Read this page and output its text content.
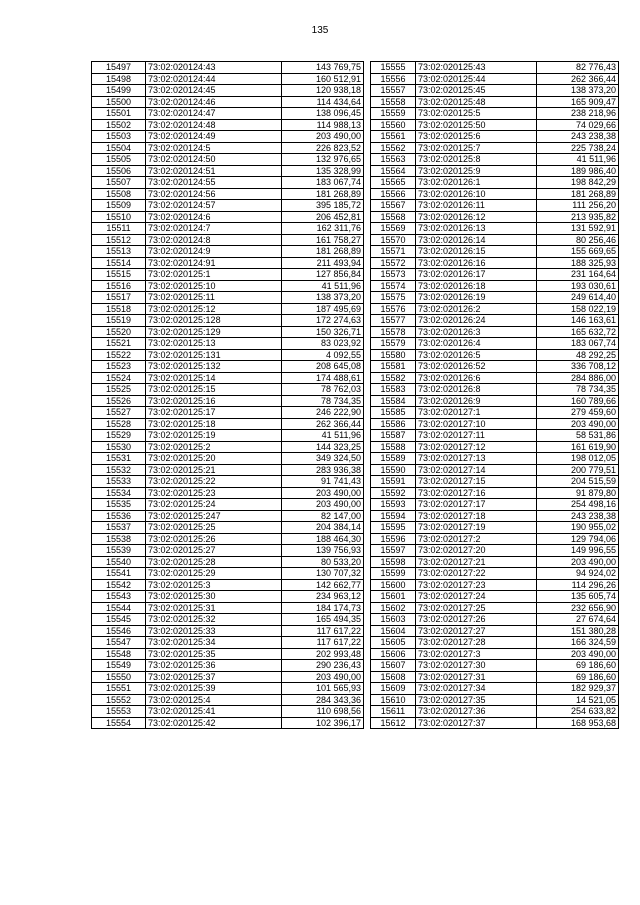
135
15497	73:02:020124:43	143 769,75
15498	73:02:020124:44	160 512,91
15499	73:02:020124:45	120 938,18
15500	73:02:020124:46	114 434,64
15501	73:02:020124:47	138 096,45
15502	73:02:020124:48	114 988,13
15503	73:02:020124:49	203 490,00
15504	73:02:020124:5	226 823,52
15505	73:02:020124:50	132 976,65
15506	73:02:020124:51	135 328,99
15507	73:02:020124:55	183 067,74
15508	73:02:020124:56	181 268,89
15509	73:02:020124:57	395 185,72
15510	73:02:020124:6	206 452,81
15511	73:02:020124:7	162 311,76
15512	73:02:020124:8	161 758,27
15513	73:02:020124:9	181 268,89
15514	73:02:020124:91	211 493,94
15515	73:02:020125:1	127 856,84
15516	73:02:020125:10	41 511,96
15517	73:02:020125:11	138 373,20
15518	73:02:020125:12	187 495,69
15519	73:02:020125:128	172 274,63
15520	73:02:020125:129	150 326,71
15521	73:02:020125:13	83 023,92
15522	73:02:020125:131	4 092,55
15523	73:02:020125:132	208 645,08
15524	73:02:020125:14	174 488,61
15525	73:02:020125:15	78 762,03
15526	73:02:020125:16	78 734,35
15527	73:02:020125:17	246 222,90
15528	73:02:020125:18	262 366,44
15529	73:02:020125:19	41 511,96
15530	73:02:020125:2	144 323,25
15531	73:02:020125:20	349 324,50
15532	73:02:020125:21	283 936,38
15533	73:02:020125:22	91 741,43
15534	73:02:020125:23	203 490,00
15535	73:02:020125:24	203 490,00
15536	73:02:020125:247	82 147,00
15537	73:02:020125:25	204 384,14
15538	73:02:020125:26	188 464,30
15539	73:02:020125:27	139 756,93
15540	73:02:020125:28	80 533,20
15541	73:02:020125:29	130 707,32
15542	73:02:020125:3	142 662,77
15543	73:02:020125:30	234 963,12
15544	73:02:020125:31	184 174,73
15545	73:02:020125:32	165 494,35
15546	73:02:020125:33	117 617,22
15547	73:02:020125:34	117 617,22
15548	73:02:020125:35	202 993,48
15549	73:02:020125:36	290 236,43
15550	73:02:020125:37	203 490,00
15551	73:02:020125:39	101 565,93
15552	73:02:020125:4	284 343,36
15553	73:02:020125:41	110 698,56
15554	73:02:020125:42	102 396,17
15555	73:02:020125:43	82 776,43
15556	73:02:020125:44	262 366,44
15557	73:02:020125:45	138 373,20
15558	73:02:020125:48	165 909,47
15559	73:02:020125:5	238 218,96
15560	73:02:020125:50	74 029,66
15561	73:02:020125:6	243 238,38
15562	73:02:020125:7	225 738,24
15563	73:02:020125:8	41 511,96
15564	73:02:020125:9	189 986,40
15565	73:02:020126:1	198 842,29
15566	73:02:020126:10	181 268,89
15567	73:02:020126:11	111 256,20
15568	73:02:020126:12	213 935,82
15569	73:02:020126:13	131 592,91
15570	73:02:020126:14	80 256,46
15571	73:02:020126:15	155 669,65
15572	73:02:020126:16	188 325,93
15573	73:02:020126:17	231 164,64
15574	73:02:020126:18	193 030,61
15575	73:02:020126:19	249 614,40
15576	73:02:020126:2	158 022,19
15577	73:02:020126:24	146 163,61
15578	73:02:020126:3	165 632,72
15579	73:02:020126:4	183 067,74
15580	73:02:020126:5	48 292,25
15581	73:02:020126:52	336 708,12
15582	73:02:020126:6	284 886,00
15583	73:02:020126:8	78 734,35
15584	73:02:020126:9	160 789,66
15585	73:02:020127:1	279 459,60
15586	73:02:020127:10	203 490,00
15587	73:02:020127:11	58 531,86
15588	73:02:020127:12	161 619,90
15589	73:02:020127:13	198 012,05
15590	73:02:020127:14	200 779,51
15591	73:02:020127:15	204 515,59
15592	73:02:020127:16	91 879,80
15593	73:02:020127:17	254 498,16
15594	73:02:020127:18	243 238,38
15595	73:02:020127:19	190 955,02
15596	73:02:020127:2	129 794,06
15597	73:02:020127:20	149 996,55
15598	73:02:020127:21	203 490,00
15599	73:02:020127:22	94 924,02
15600	73:02:020127:23	114 296,26
15601	73:02:020127:24	135 605,74
15602	73:02:020127:25	232 656,90
15603	73:02:020127:26	27 674,64
15604	73:02:020127:27	151 380,28
15605	73:02:020127:28	166 324,59
15606	73:02:020127:3	203 490,00
15607	73:02:020127:30	69 186,60
15608	73:02:020127:31	69 186,60
15609	73:02:020127:34	182 929,37
15610	73:02:020127:35	14 521,05
15611	73:02:020127:36	254 633,82
15612	73:02:020127:37	168 953,68
